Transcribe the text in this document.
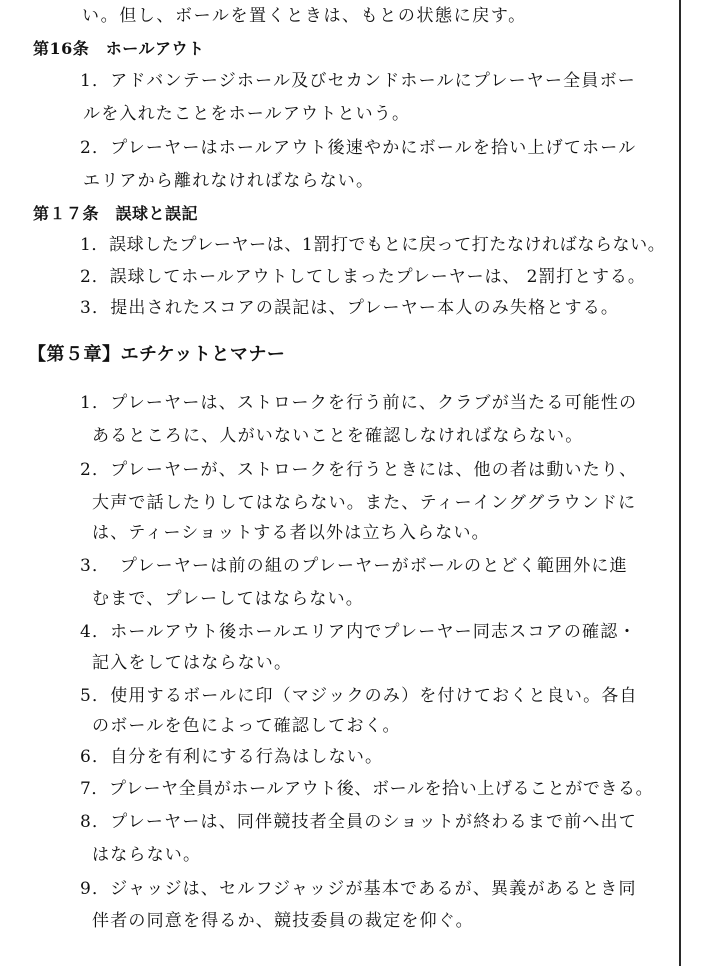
い。但し、ボールを置くときは、もとの状態に戻す。
第16条　ホールアウト
1．アドバンテージホール及びセカンドホールにプレーヤー全員ボー
ルを入れたことをホールアウトという。
2．プレーヤーはホールアウト後速やかにボールを拾い上げてホール
エリアから離れなければならない。
第１７条　誤球と誤記
1．誤球したプレーヤーは、1罰打でもとに戻って打たなければならない。
2．誤球してホールアウトしてしまったプレーヤーは、 2罰打とする。
3．提出されたスコアの誤記は、プレーヤー本人のみ失格とする。
【第５章】エチケットとマナー
1．プレーヤーは、ストロークを行う前に、クラブが当たる可能性の
あるところに、人がいないことを確認しなければならない。
2．プレーヤーが、ストロークを行うときには、他の者は動いたり、
大声で話したりしてはならない。また、ティーインググラウンドに
は、ティーショットする者以外は立ち入らない。
3．　プレーヤーは前の組のプレーヤーがボールのとどく範囲外に進
むまで、プレーしてはならない。
4．ホールアウト後ホールエリア内でプレーヤー同志スコアの確認・
記入をしてはならない。
5．使用するボールに印（マジックのみ）を付けておくと良い。各自
のボールを色によって確認しておく。
6．自分を有利にする行為はしない。
7．プレーヤ全員がホールアウト後、ボールを拾い上げることができる。
8．プレーヤーは、同伴競技者全員のショットが終わるまで前へ出て
はならない。
9．ジャッジは、セルフジャッジが基本であるが、異義があるとき同
伴者の同意を得るか、競技委員の裁定を仰ぐ。
